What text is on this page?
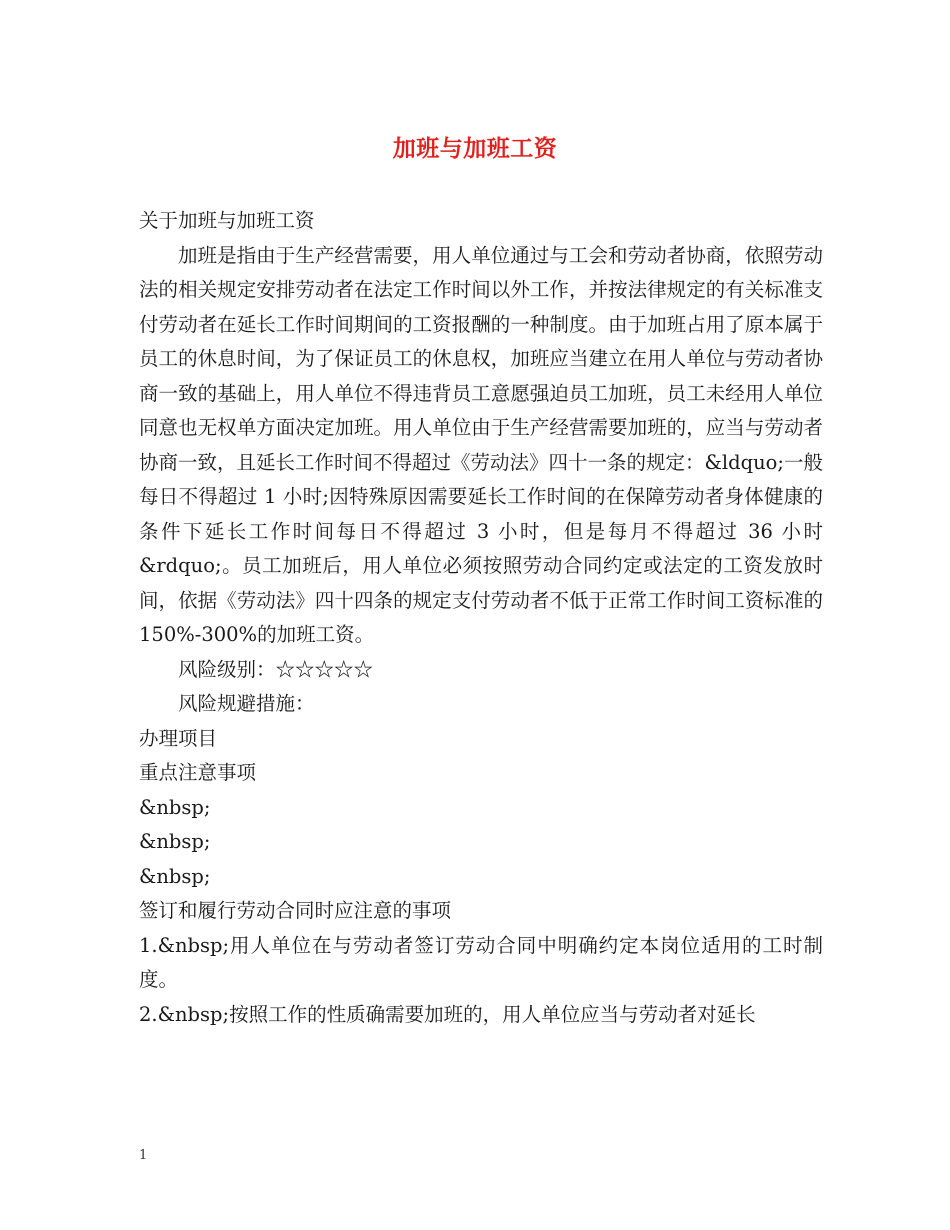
加班与加班工资

关于加班与加班工资

加班是指由于生产经营需要，用人单位通过与工会和劳动者协商，依照劳动法的相关规定安排劳动者在法定工作时间以外工作，并按法律规定的有关标准支付劳动者在延长工作时间期间的工资报酬的一种制度。由于加班占用了原本属于员工的休息时间，为了保证员工的休息权，加班应当建立在用人单位与劳动者协商一致的基础上，用人单位不得违背员工意愿强迫员工加班，员工未经用人单位同意也无权单方面决定加班。用人单位由于生产经营需要加班的，应当与劳动者协商一致，且延长工作时间不得超过《劳动法》四十一条的规定：&ldquo;一般每日不得超过 1 小时;因特殊原因需要延长工作时间的在保障劳动者身体健康的条件下延长工作时间每日不得超过 3 小时，但是每月不得超过 36 小时&rdquo;。员工加班后，用人单位必须按照劳动合同约定或法定的工资发放时间，依据《劳动法》四十四条的规定支付劳动者不低于正常工作时间工资标准的150%-300%的加班工资。

风险级别：☆☆☆☆☆

风险规避措施：

办理项目

重点注意事项

&nbsp;

&nbsp;

&nbsp;

签订和履行劳动合同时应注意的事项

1.&nbsp;用人单位在与劳动者签订劳动合同中明确约定本岗位适用的工时制度。

2.&nbsp;按照工作的性质确需要加班的，用人单位应当与劳动者对延长

1
